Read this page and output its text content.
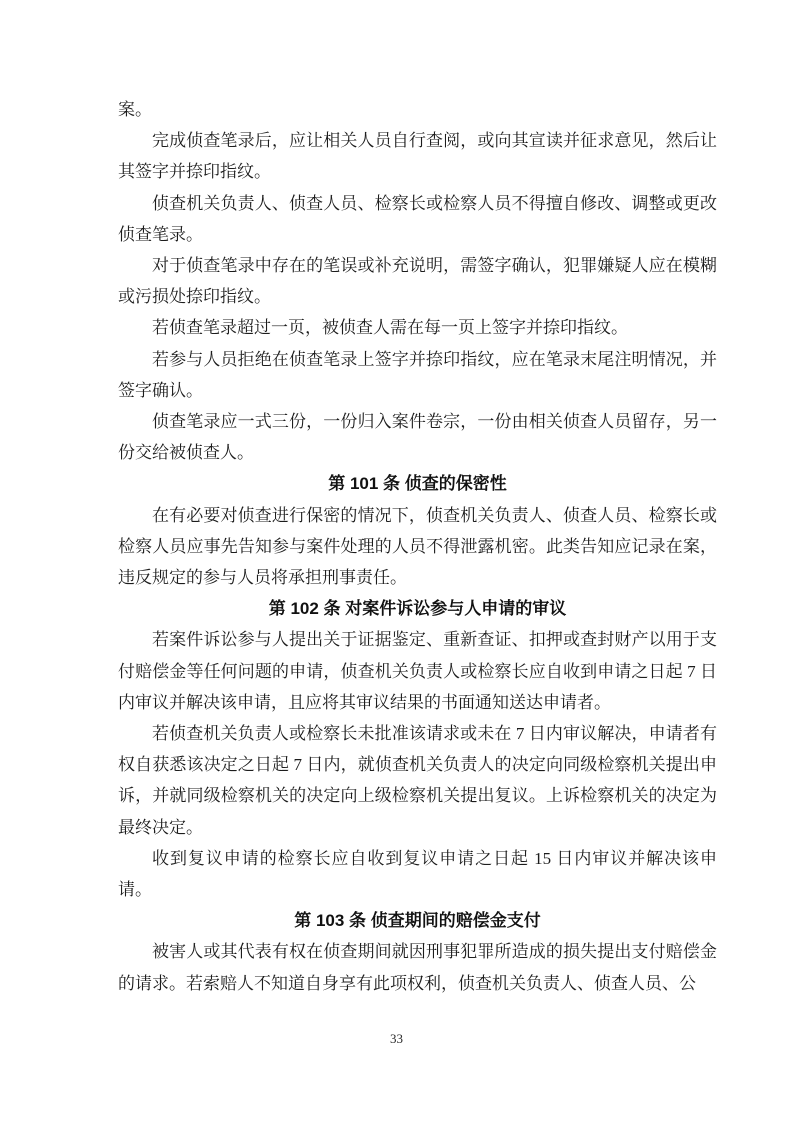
案。

完成侦查笔录后，应让相关人员自行查阅，或向其宣读并征求意见，然后让其签字并捺印指纹。

侦查机关负责人、侦查人员、检察长或检察人员不得擅自修改、调整或更改侦查笔录。

对于侦查笔录中存在的笔误或补充说明，需签字确认，犯罪嫌疑人应在模糊或污损处捺印指纹。

若侦查笔录超过一页，被侦查人需在每一页上签字并捺印指纹。

若参与人员拒绝在侦查笔录上签字并捺印指纹，应在笔录末尾注明情况，并签字确认。

侦查笔录应一式三份，一份归入案件卷宗，一份由相关侦查人员留存，另一份交给被侦查人。

第 101 条 侦查的保密性

在有必要对侦查进行保密的情况下，侦查机关负责人、侦查人员、检察长或检察人员应事先告知参与案件处理的人员不得泄露机密。此类告知应记录在案，违反规定的参与人员将承担刑事责任。

第 102 条 对案件诉讼参与人申请的审议

若案件诉讼参与人提出关于证据鉴定、重新查证、扣押或查封财产以用于支付赔偿金等任何问题的申请，侦查机关负责人或检察长应自收到申请之日起 7 日内审议并解决该申请，且应将其审议结果的书面通知送达申请者。

若侦查机关负责人或检察长未批准该请求或未在 7 日内审议解决，申请者有权自获悉该决定之日起 7 日内，就侦查机关负责人的决定向同级检察机关提出申诉，并就同级检察机关的决定向上级检察机关提出复议。上诉检察机关的决定为最终决定。

收到复议申请的检察长应自收到复议申请之日起 15 日内审议并解决该申请。

第 103 条 侦查期间的赔偿金支付

被害人或其代表有权在侦查期间就因刑事犯罪所造成的损失提出支付赔偿金的请求。若索赔人不知道自身享有此项权利，侦查机关负责人、侦查人员、公

33
